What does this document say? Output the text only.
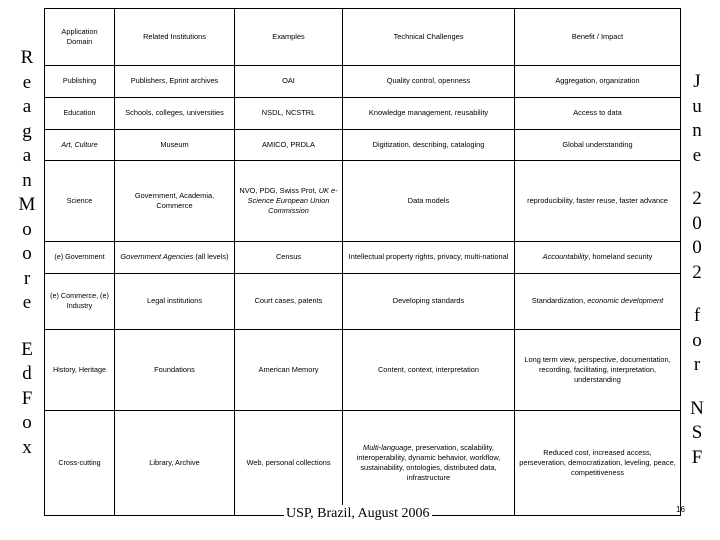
R
e
a
g
a
n
M
o
o
r
e
E
d
F
o
x
J
u
n
e
2
0
0
2
f
o
r
N
S
F
Application Domain	Related Institutions	Examples	Technical Challenges	Benefit / Impact
Publishing	Publishers, Eprint archives	OAI	Quality control, openness	Aggregation, organization
Education	Schools, colleges, universities	NSDL, NCSTRL	Knowledge management, reusability	Access to data
Art, Culture	Museum	AMICO, PRDLA	Digitization, describing, cataloging	Global understanding
Science	Government, Academia, Commerce	NVO, PDG, Swiss Prot, UK e-Science European Union Commission	Data models	reproducibility, faster reuse, faster advance
(e) Government	Government Agencies (all levels)	Census	Intellectual property rights, privacy, multi-national	Accountability, homeland security
(e) Commerce, (e) Industry	Legal institutions	Court cases, patents	Developing standards	Standardization, economic development
History, Heritage	Foundations	American Memory	Content, context, interpretation	Long term view, perspective, documentation, recording, facilitating, interpretation, understanding
Cross-cutting	Library, Archive	Web, personal collections	Multi-language, preservation, scalability, interoperability, dynamic behavior, workflow, sustainability, ontologies, distributed data, infrastructure	Reduced cost, increased access, perseveration, democratization, leveling, peace, competitiveness
USP, Brazil, August 2006	16
